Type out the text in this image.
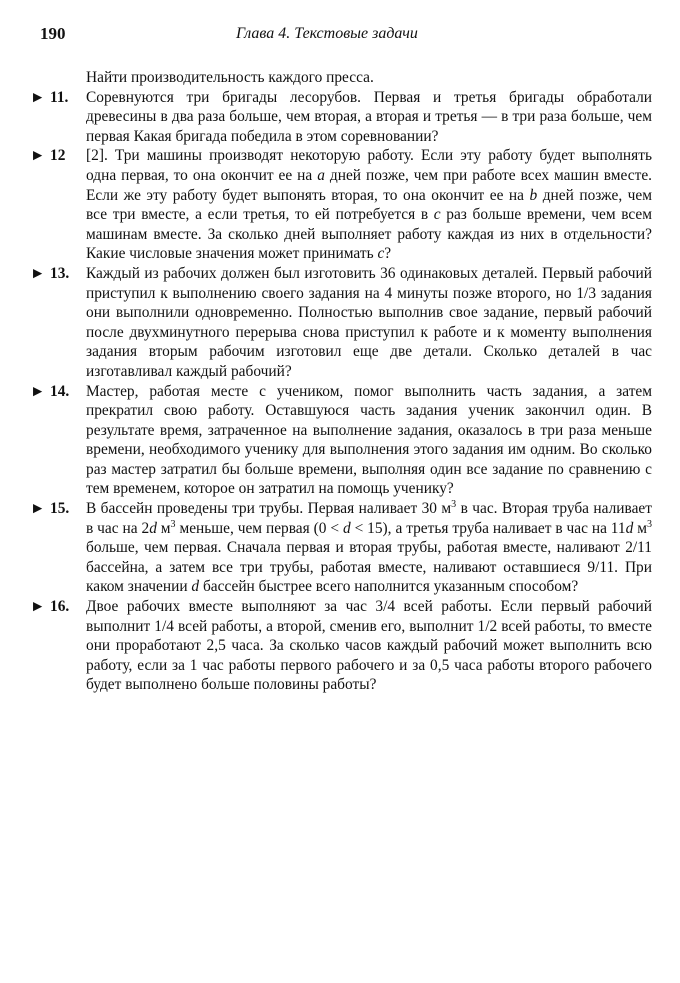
190	Глава 4. Текстовые задачи
Найти производительность каждого пресса.
► 11. Соревнуются три бригады лесорубов. Первая и третья бригады обработали древесины в два раза больше, чем вторая, а вторая и третья — в три раза больше, чем первая Какая бригада победила в этом соревновании?
► 12 [2]. Три машины производят некоторую работу. Если эту работу будет выполнять одна первая, то она окончит ее на a дней позже, чем при работе всех машин вместе. Если же эту работу будет выпонять вторая, то она окончит ее на b дней позже, чем все три вместе, а если третья, то ей потребуется в c раз больше времени, чем всем машинам вместе. За сколько дней выполняет работу каждая из них в отдельности? Какие числовые значения может принимать c?
► 13. Каждый из рабочих должен был изготовить 36 одинаковых деталей. Первый рабочий приступил к выполнению своего задания на 4 минуты позже второго, но 1/3 задания они выполнили одновременно. Полностью выполнив свое задание, первый рабочий после двухминутного перерыва снова приступил к работе и к моменту выполнения задания вторым рабочим изготовил еще две детали. Сколько деталей в час изготавливал каждый рабочий?
► 14. Мастер, работая месте с учеником, помог выполнить часть задания, а затем прекратил свою работу. Оставшуюся часть задания ученик закончил один. В результате время, затраченное на выполнение задания, оказалось в три раза меньше времени, необходимого ученику для выполнения этого задания им одним. Во сколько раз мастер затратил бы больше времени, выполняя один все задание по сравнению с тем временем, которое он затратил на помощь ученику?
► 15. В бассейн проведены три трубы. Первая наливает 30 $м^3$ в час. Вторая труба наливает в час на 2d $м^3$ меньше, чем первая (0 < d < 15), а третья труба наливает в час на 11d $м^3$ больше, чем первая. Сначала первая и вторая трубы, работая вместе, наливают 2/11 бассейна, а затем все три трубы, работая вместе, наливают оставшиеся 9/11. При каком значении d бассейн быстрее всего наполнится указанным способом?
► 16. Двое рабочих вместе выполняют за час 3/4 всей работы. Если первый рабочий выполнит 1/4 всей работы, а второй, сменив его, выполнит 1/2 всей работы, то вместе они проработают 2,5 часа. За сколько часов каждый рабочий может выполнить всю работу, если за 1 час работы первого рабочего и за 0,5 часа работы второго рабочего будет выполнено больше половины работы?
